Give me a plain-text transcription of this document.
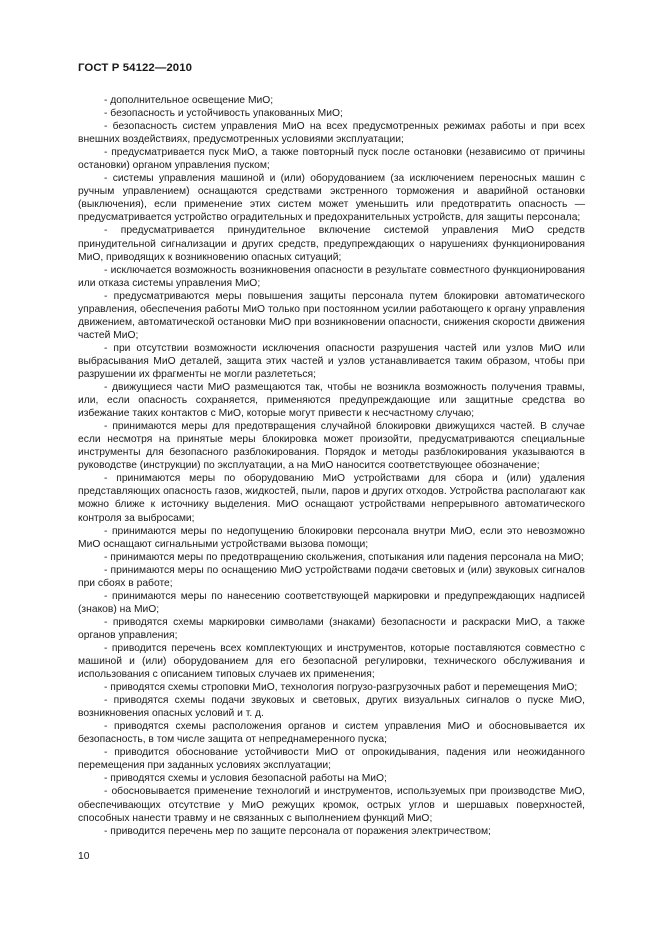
ГОСТ Р 54122—2010

- дополнительное освещение МиО;

- безопасность и устойчивость упакованных МиО;

- безопасность систем управления МиО на всех предусмотренных режимах работы и при всех внешних воздействиях, предусмотренных условиями эксплуатации;

- предусматривается пуск МиО, а также повторный пуск после остановки (независимо от причины остановки) органом управления пуском;

- системы управления машиной и (или) оборудованием (за исключением переносных машин с ручным управлением) оснащаются средствами экстренного торможения и аварийной остановки (выключения), если применение этих систем может уменьшить или предотвратить опасность — предусматривается устройство оградительных и предохранительных устройств, для защиты персонала;

- предусматривается принудительное включение системой управления МиО средств принудительной сигнализации и других средств, предупреждающих о нарушениях функционирования МиО, приводящих к возникновению опасных ситуаций;

- исключается возможность возникновения опасности в результате совместного функционирования или отказа системы управления МиО;

- предусматриваются меры повышения защиты персонала путем блокировки автоматического управления, обеспечения работы МиО только при постоянном усилии работающего к органу управления движением, автоматической остановки МиО при возникновении опасности, снижения скорости движения частей МиО;

- при отсутствии возможности исключения опасности разрушения частей или узлов МиО или выбрасывания МиО деталей, защита этих частей и узлов устанавливается таким образом, чтобы при разрушении их фрагменты не могли разлететься;

- движущиеся части МиО размещаются так, чтобы не возникла возможность получения травмы, или, если опасность сохраняется, применяются предупреждающие или защитные средства во избежание таких контактов с МиО, которые могут привести к несчастному случаю;

- принимаются меры для предотвращения случайной блокировки движущихся частей. В случае если несмотря на принятые меры блокировка может произойти, предусматриваются специальные инструменты для безопасного разблокирования. Порядок и методы разблокирования указываются в руководстве (инструкции) по эксплуатации, а на МиО наносится соответствующее обозначение;

- принимаются меры по оборудованию МиО устройствами для сбора и (или) удаления представляющих опасность газов, жидкостей, пыли, паров и других отходов. Устройства располагают как можно ближе к источнику выделения. МиО оснащают устройствами непрерывного автоматического контроля за выбросами;

- принимаются меры по недопущению блокировки персонала внутри МиО, если это невозможно МиО оснащают сигнальными устройствами вызова помощи;

- принимаются меры по предотвращению скольжения, спотыкания или падения персонала на МиО;

- принимаются меры по оснащению МиО устройствами подачи световых и (или) звуковых сигналов при сбоях в работе;

- принимаются меры по нанесению соответствующей маркировки и предупреждающих надписей (знаков) на МиО;

- приводятся схемы маркировки символами (знаками) безопасности и раскраски МиО, а также органов управления;

- приводится перечень всех комплектующих и инструментов, которые поставляются совместно с машиной и (или) оборудованием для его безопасной регулировки, технического обслуживания и использования с описанием типовых случаев их применения;

- приводятся схемы строповки МиО, технология погрузо-разгрузочных работ и перемещения МиО;

- приводятся схемы подачи звуковых и световых, других визуальных сигналов о пуске МиО, возникновения опасных условий и т. д.

- приводятся схемы расположения органов и систем управления МиО и обосновывается их безопасность, в том числе защита от непреднамеренного пуска;

- приводится обоснование устойчивости МиО от опрокидывания, падения или неожиданного перемещения при заданных условиях эксплуатации;

- приводятся схемы и условия безопасной работы на МиО;

- обосновывается применение технологий и инструментов, используемых при производстве МиО, обеспечивающих отсутствие у МиО режущих кромок, острых углов и шершавых поверхностей, способных нанести травму и не связанных с выполнением функций МиО;

- приводится перечень мер по защите персонала от поражения электричеством;

10
